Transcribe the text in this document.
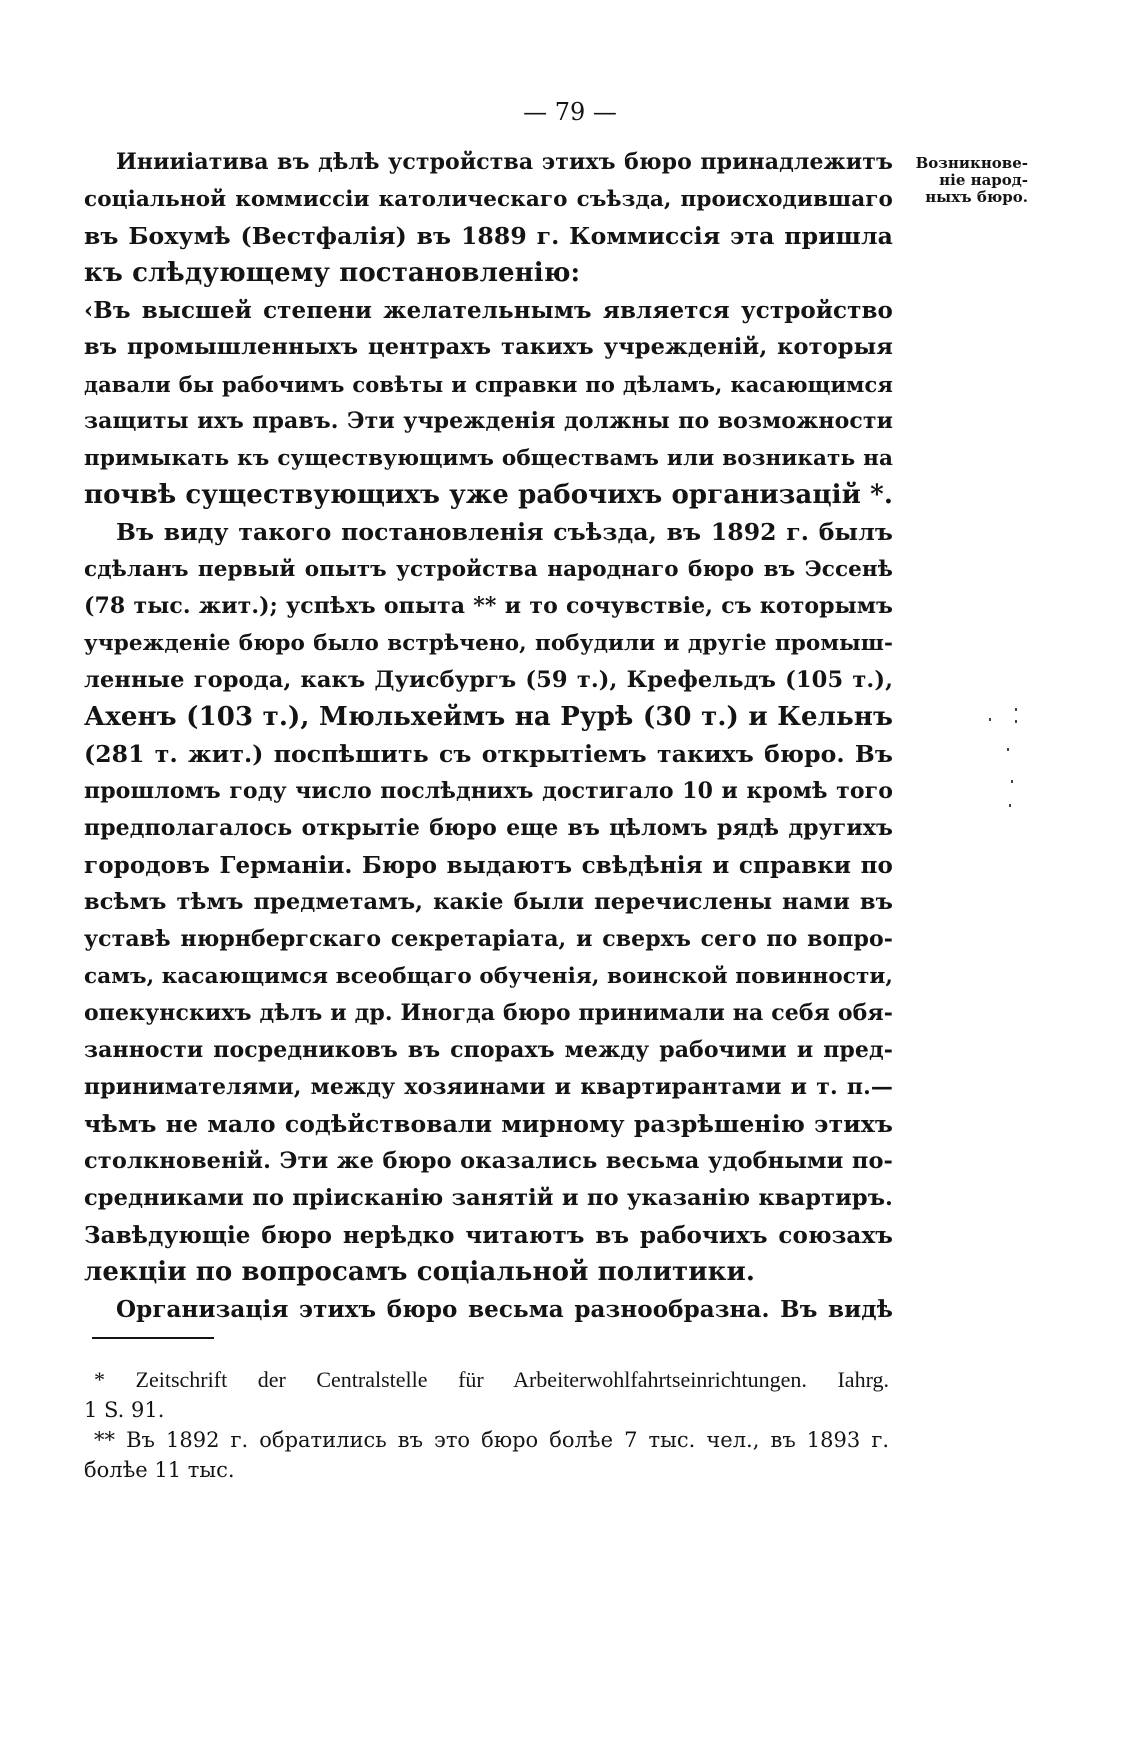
— 79 —
Возникнове-
ніе народ-
ныхъ бюро.
Инииіатива въ дѣлѣ устройства этихъ бюро принадлежитъ
соціальной коммиссіи католическаго съѣзда, происходившаго
въ Бохумѣ (Вестфалія) въ 1889 г. Коммиссія эта пришла
къ слѣдующему постановленію:
‹Въ высшей степени желательнымъ является устройство
въ промышленныхъ центрахъ такихъ учрежденій, которыя
давали бы рабочимъ совѣты и справки по дѣламъ, касающимся
защиты ихъ правъ. Эти учрежденія должны по возможности
примыкать къ существующимъ обществамъ или возникать на
почвѣ существующихъ уже рабочихъ организацій *.
Въ виду такого постановленія съѣзда, въ 1892 г. былъ
сдѣланъ первый опытъ устройства народнаго бюро въ Эссенѣ
(78 тыс. жит.); успѣхъ опыта ** и то сочувствіе, съ которымъ
учрежденіе бюро было встрѣчено, побудили и другіе промыш-
ленные города, какъ Дуисбургъ (59 т.), Крефельдъ (105 т.),
Ахенъ (103 т.), Мюльхеймъ на Рурѣ (30 т.) и Кельнъ
(281 т. жит.) поспѣшить съ открытіемъ такихъ бюро. Въ
прошломъ году число послѣднихъ достигало 10 и кромѣ того
предполагалось открытіе бюро еще въ цѣломъ рядѣ другихъ
городовъ Германіи. Бюро выдаютъ свѣдѣнія и справки по
всѣмъ тѣмъ предметамъ, какіе были перечислены нами въ
уставѣ нюрнбергскаго секретаріата, и сверхъ сего по вопро-
самъ, касающимся всеобщаго обученія, воинской повинности,
опекунскихъ дѣлъ и др. Иногда бюро принимали на себя обя-
занности посредниковъ въ спорахъ между рабочими и пред-
принимателями, между хозяинами и квартирантами и т. п.—
чѣмъ не мало содѣйствовали мирному разрѣшенію этихъ
столкновеній. Эти же бюро оказались весьма удобными по-
средниками по пріисканію занятій и по указанію квартиръ.
Завѣдующіе бюро нерѣдко читаютъ въ рабочихъ союзахъ
лекціи по вопросамъ соціальной политики.
Организація этихъ бюро весьма разнообразна. Въ видѣ
* Zeitschrift der Centralstelle für Arbeiterwohlfahrtseinrichtungen. Iahrg.
1 S. 91.
** Въ 1892 г. обратились въ это бюро болѣе 7 тыс. чел., въ 1893 г.
болѣе 11 тыс.
